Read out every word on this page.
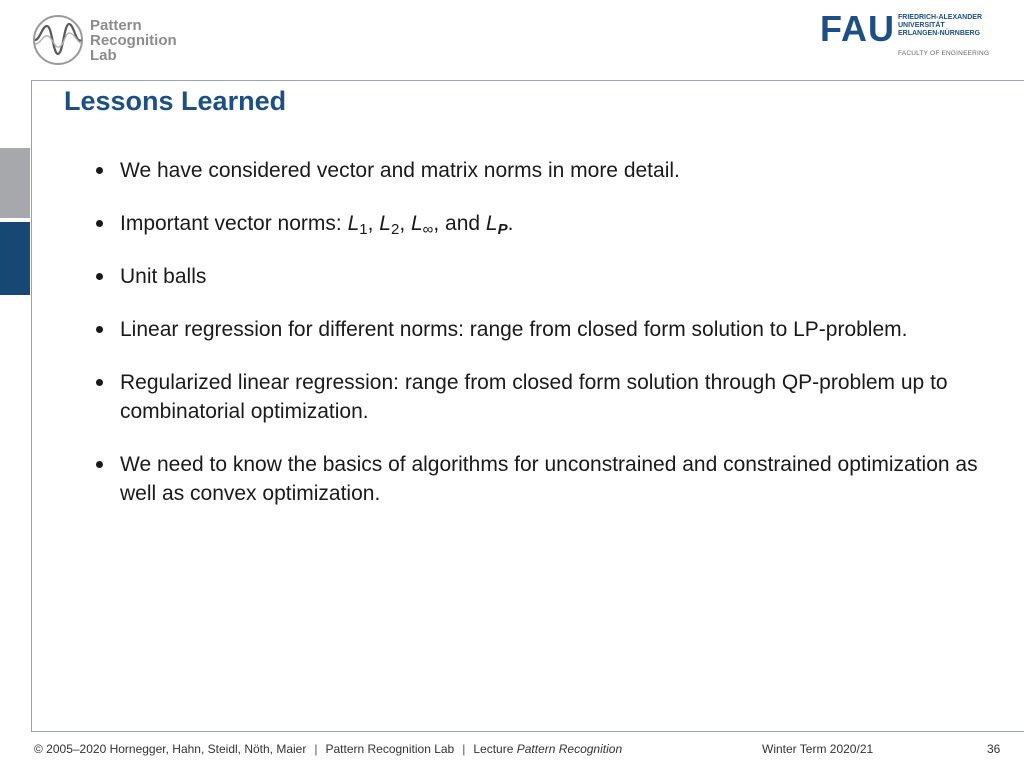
Pattern
Recognition
Lab
FAU FRIEDRICH-ALEXANDER
UNIVERSITÄT
ERLANGEN-NÜRNBERG
FACULTY OF ENGINEERING
Lessons Learned
We have considered vector and matrix norms in more detail.
Important vector norms: $L_1$, $L_2$, $L_\infty$, and $L_P$.
Unit balls
Linear regression for different norms: range from closed form solution to LP-problem.
Regularized linear regression: range from closed form solution through QP-problem up to combinatorial optimization.
We need to know the basics of algorithms for unconstrained and constrained optimization as well as convex optimization.
© 2005–2020 Hornegger, Hahn, Steidl, Nöth, Maier | Pattern Recognition Lab | Lecture Pattern Recognition	Winter Term 2020/21	36
